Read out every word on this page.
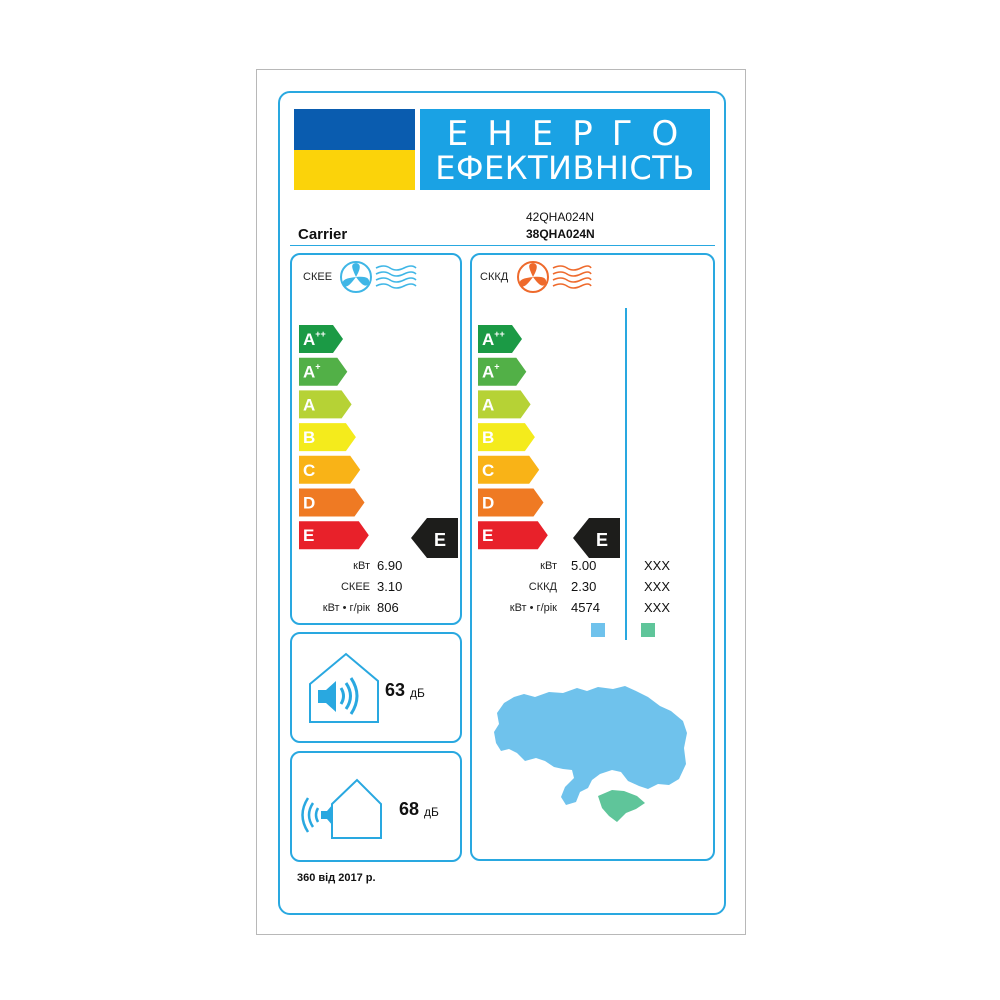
ЕНЕРГО
ЕФЕКТИВНІСТЬ
Carrier
42QHA024N
38QHA024N
СКЕЕ	СККД
A++
A+
A
B
C
D
E
A++
A+
A
B
C
D
E
E	E
кВт 6.90
СКЕЕ 3.10
кВт • г/рік 806
кВт 5.00	XXX
СККД 2.30	XXX
кВт • г/рік 4574	XXX
63 дБ
68 дБ
360 від 2017 р.
